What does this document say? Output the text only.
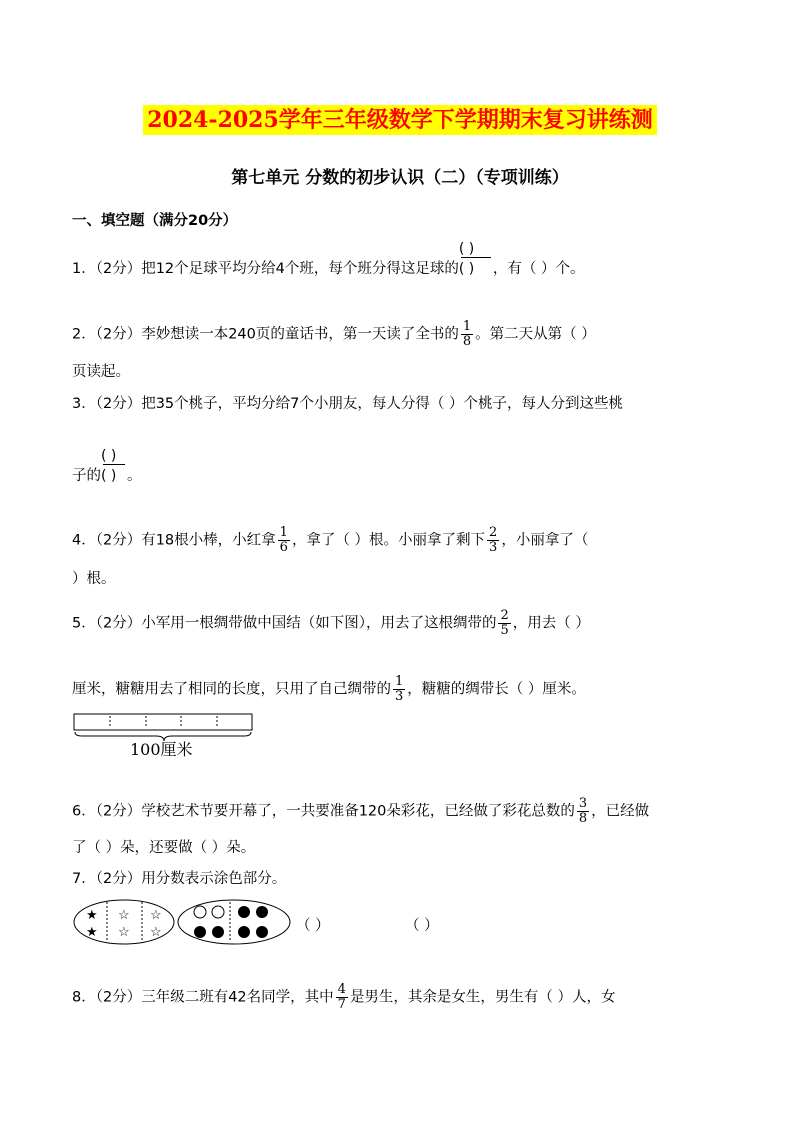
2024-2025学年三年级数学下学期期末复习讲练测
第七单元 分数的初步认识（二）（专项训练）
一、填空题（满分20分）
1．（2分）把12个足球平均分给4个班，每个班分得这足球的
( )
( ) ，有（ ）个。
2．（2分）李妙想读一本240页的童话书，第一天读了全书的 $\frac{1}{8}$ 。第二天从第（ ）
页读起。
3．（2分）把35个桃子，平均分给7个小朋友，每人分得（ ）个桃子，每人分到这些桃
子的
( )
( ) 。
4．（2分）有18根小棒，小红拿 $\frac{1}{6}$ ，拿了（ ）根。小丽拿了剩下 $\frac{2}{3}$ ，小丽拿了（
）根。
5．（2分）小军用一根绸带做中国结（如下图），用去了这根绸带的 $\frac{2}{5}$ ，用去（ ）
厘米，糖糖用去了相同的长度，只用了自己绸带的 $\frac{1}{3}$ ，糖糖的绸带长（ ）厘米。
100厘米
6．（2分）学校艺术节要开幕了，一共要准备120朵彩花，已经做了彩花总数的 $\frac{3}{8}$ ，已经做
了（ ）朵，还要做（ ）朵。
7．（2分）用分数表示涂色部分。
★
★
☆
☆
☆
☆	（ ）	（ ）
8．（2分）三年级二班有42名同学，其中 $\frac{4}{7}$ 是男生，其余是女生，男生有（ ）人，女
